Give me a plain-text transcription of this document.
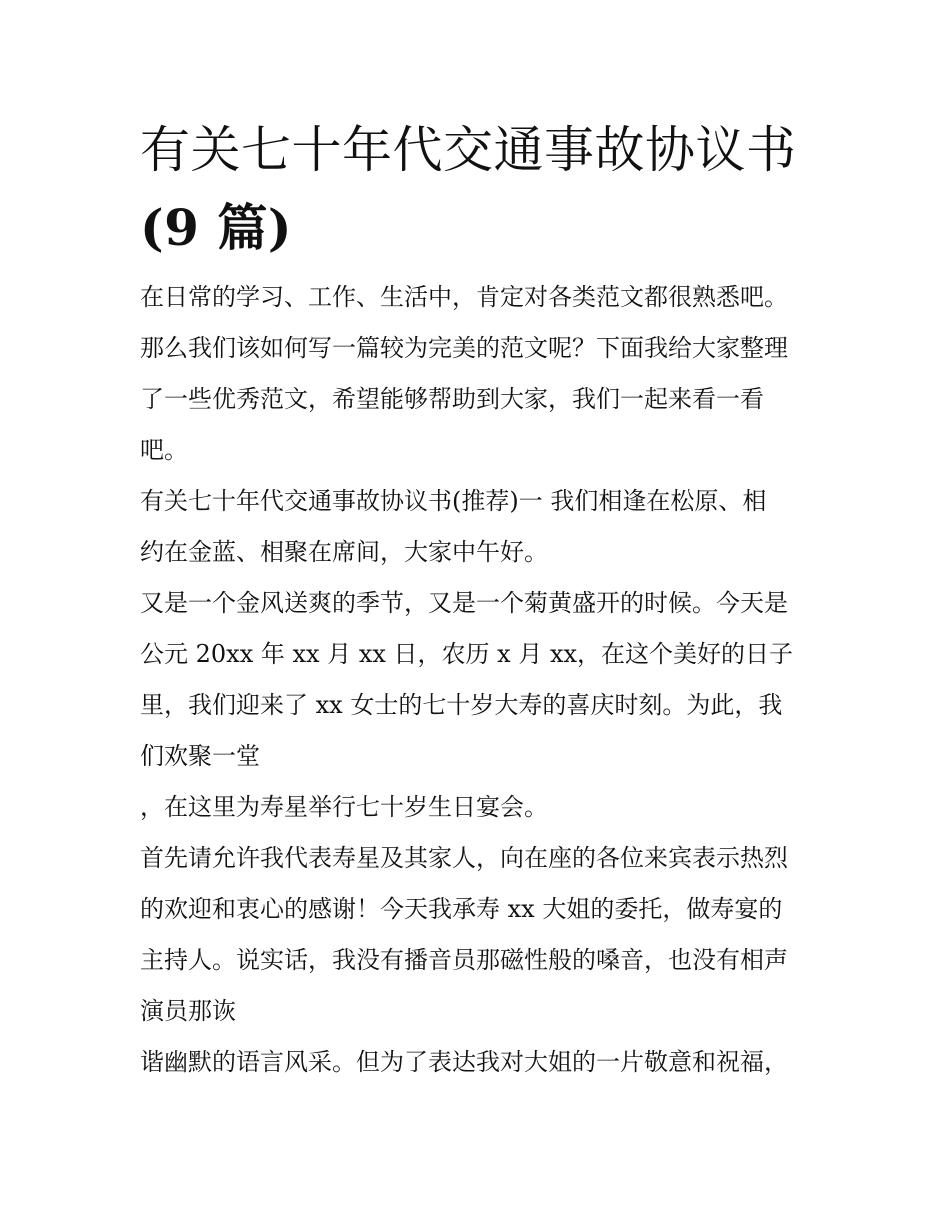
有关七十年代交通事故协议书
(9 篇)
在日常的学习、工作、生活中，肯定对各类范文都很熟悉吧。
那么我们该如何写一篇较为完美的范文呢？下面我给大家整理
了一些优秀范文，希望能够帮助到大家，我们一起来看一看
吧。
有关七十年代交通事故协议书(推荐)一 我们相逢在松原、相
约在金蓝、相聚在席间，大家中午好。
又是一个金风送爽的季节，又是一个菊黄盛开的时候。今天是
公元 20xx 年 xx 月 xx 日，农历 x 月 xx，在这个美好的日子
里，我们迎来了 xx 女士的七十岁大寿的喜庆时刻。为此，我
们欢聚一堂
，在这里为寿星举行七十岁生日宴会。
首先请允许我代表寿星及其家人，向在座的各位来宾表示热烈
的欢迎和衷心的感谢！今天我承寿 xx 大姐的委托，做寿宴的
主持人。说实话，我没有播音员那磁性般的嗓音，也没有相声
演员那诙
谐幽默的语言风采。但为了表达我对大姐的一片敬意和祝福，
